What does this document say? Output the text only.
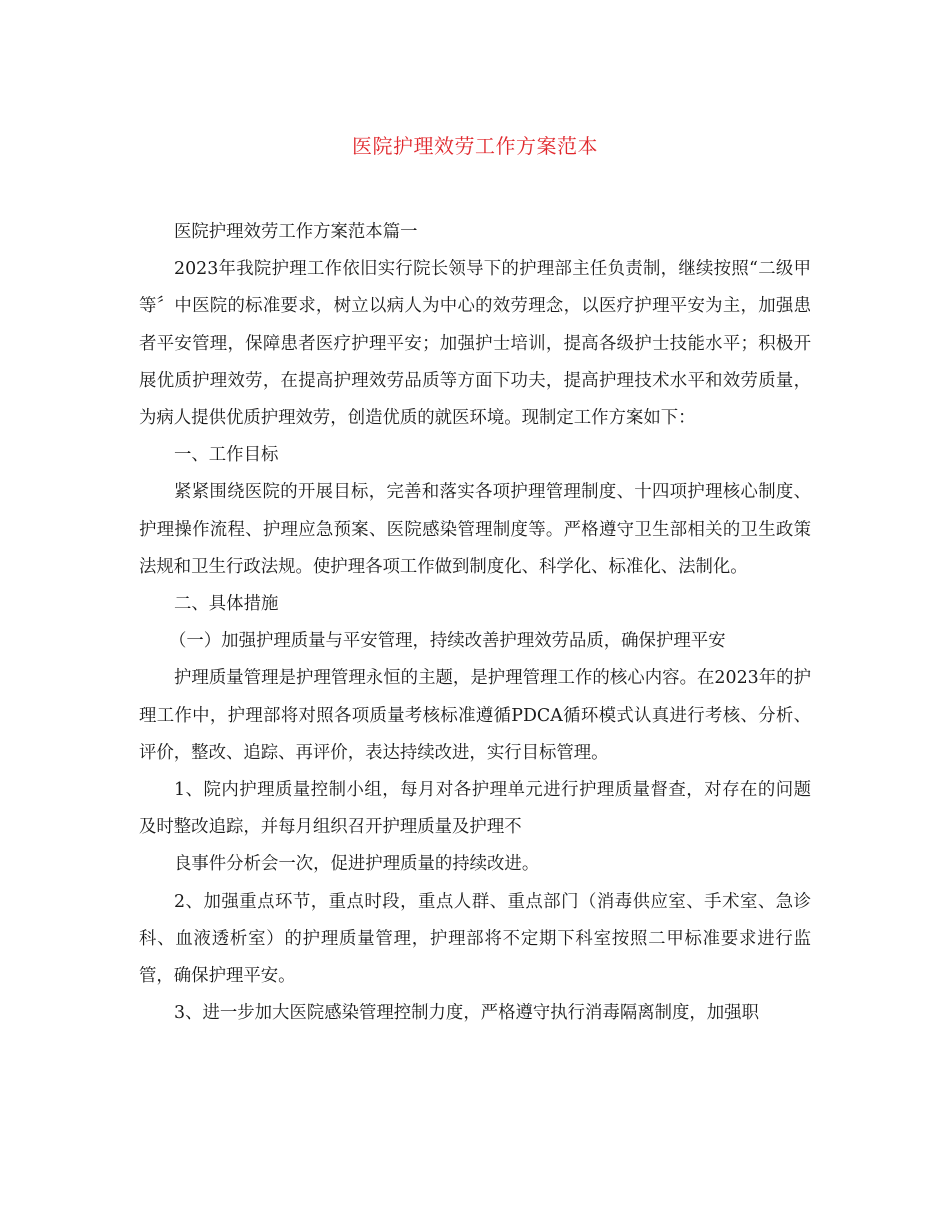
医院护理效劳工作方案范本

医院护理效劳工作方案范本篇一

2023年我院护理工作依旧实行院长领导下的护理部主任负责制，继续按照“二级甲等〞中医院的标准要求，树立以病人为中心的效劳理念，以医疗护理平安为主，加强患者平安管理，保障患者医疗护理平安；加强护士培训，提高各级护士技能水平；积极开展优质护理效劳，在提高护理效劳品质等方面下功夫，提高护理技术水平和效劳质量，为病人提供优质护理效劳，创造优质的就医环境。现制定工作方案如下：

一、工作目标

紧紧围绕医院的开展目标，完善和落实各项护理管理制度、十四项护理核心制度、护理操作流程、护理应急预案、医院感染管理制度等。严格遵守卫生部相关的卫生政策法规和卫生行政法规。使护理各项工作做到制度化、科学化、标准化、法制化。

二、具体措施

（一）加强护理质量与平安管理，持续改善护理效劳品质，确保护理平安

护理质量管理是护理管理永恒的主题，是护理管理工作的核心内容。在2023年的护理工作中，护理部将对照各项质量考核标准遵循PDCA循环模式认真进行考核、分析、评价，整改、追踪、再评价，表达持续改进，实行目标管理。

1、院内护理质量控制小组，每月对各护理单元进行护理质量督查，对存在的问题及时整改追踪，并每月组织召开护理质量及护理不

良事件分析会一次，促进护理质量的持续改进。

2、加强重点环节，重点时段，重点人群、重点部门（消毒供应室、手术室、急诊科、血液透析室）的护理质量管理，护理部将不定期下科室按照二甲标准要求进行监管，确保护理平安。

3、进一步加大医院感染管理控制力度，严格遵守执行消毒隔离制度，加强职
